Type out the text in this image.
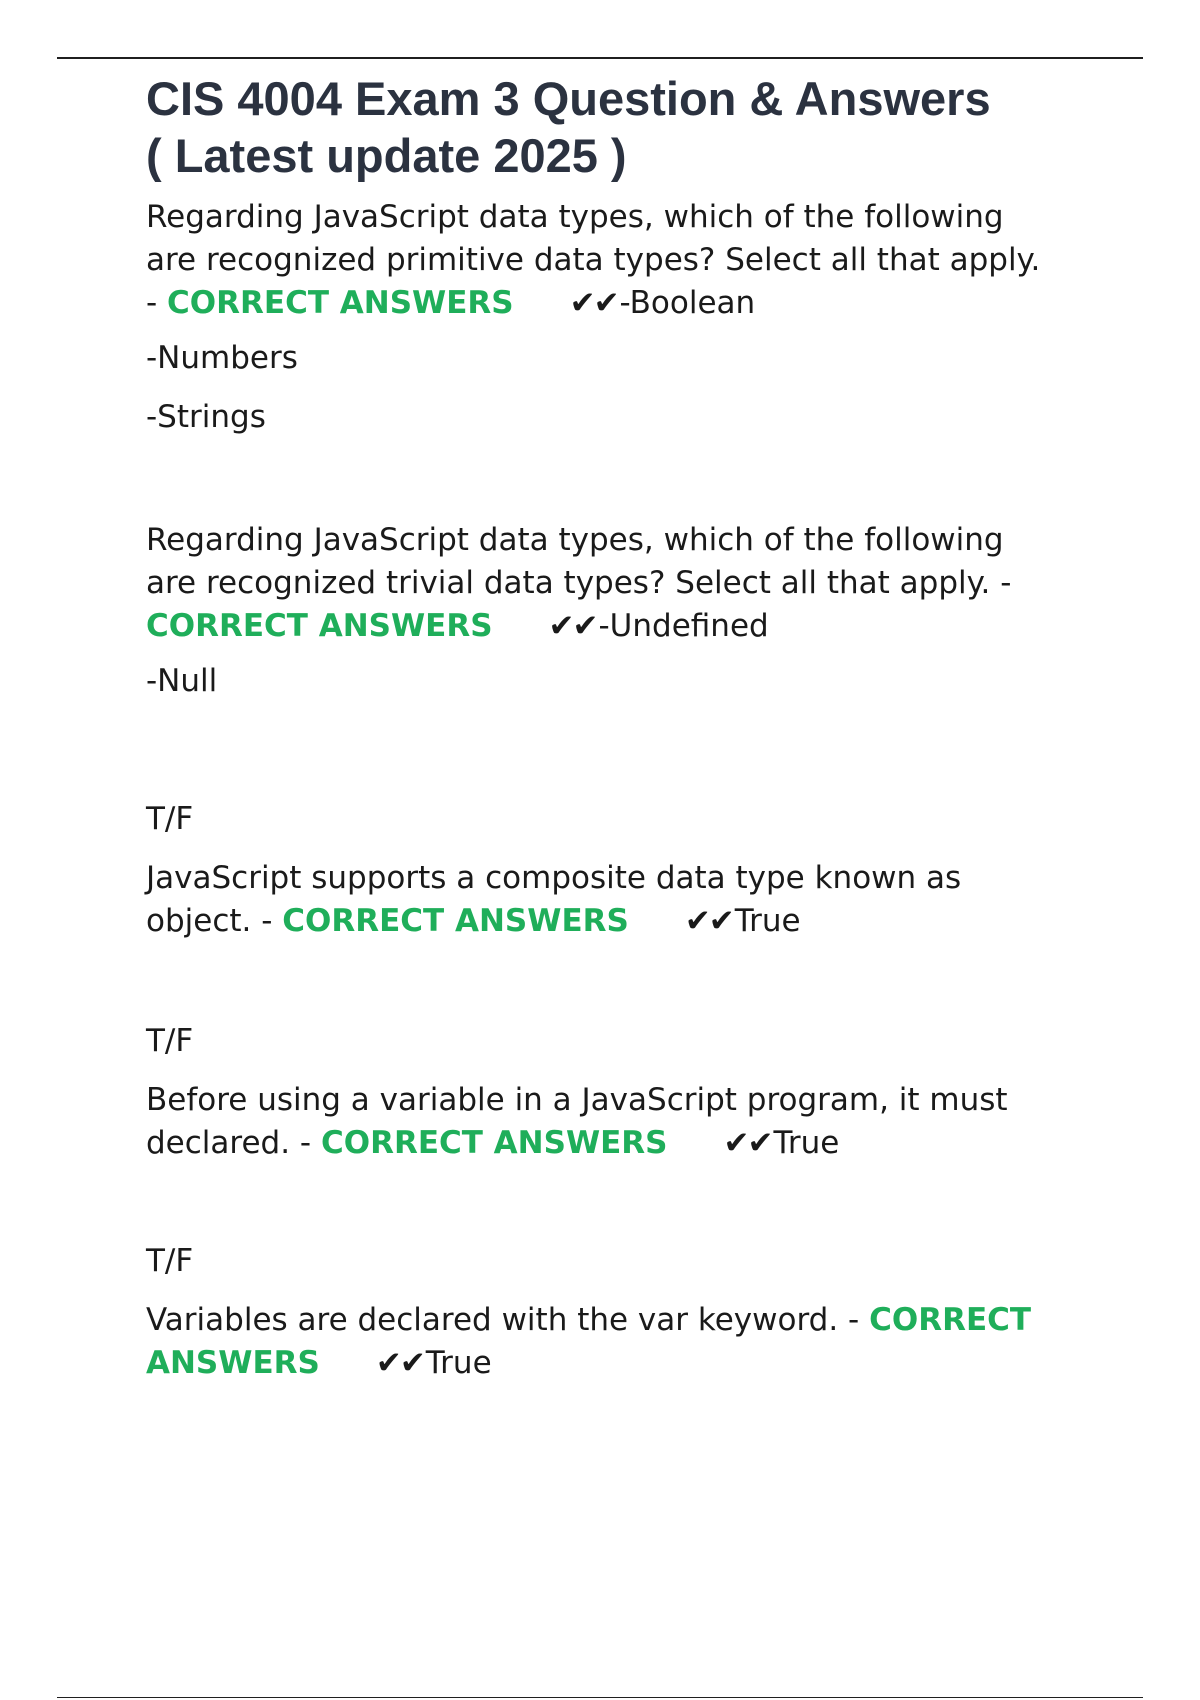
CIS 4004 Exam 3 Question & Answers
( Latest update 2025 )

Regarding JavaScript data types, which of the following
are recognized primitive data types? Select all that apply.
- CORRECT ANSWERS ✔✔-Boolean

-Numbers

-Strings

Regarding JavaScript data types, which of the following
are recognized trivial data types? Select all that apply. -
CORRECT ANSWERS ✔✔-Undefined

-Null

T/F

JavaScript supports a composite data type known as
object. - CORRECT ANSWERS ✔✔True

T/F

Before using a variable in a JavaScript program, it must
declared. - CORRECT ANSWERS ✔✔True

T/F

Variables are declared with the var keyword. - CORRECT
ANSWERS ✔✔True
